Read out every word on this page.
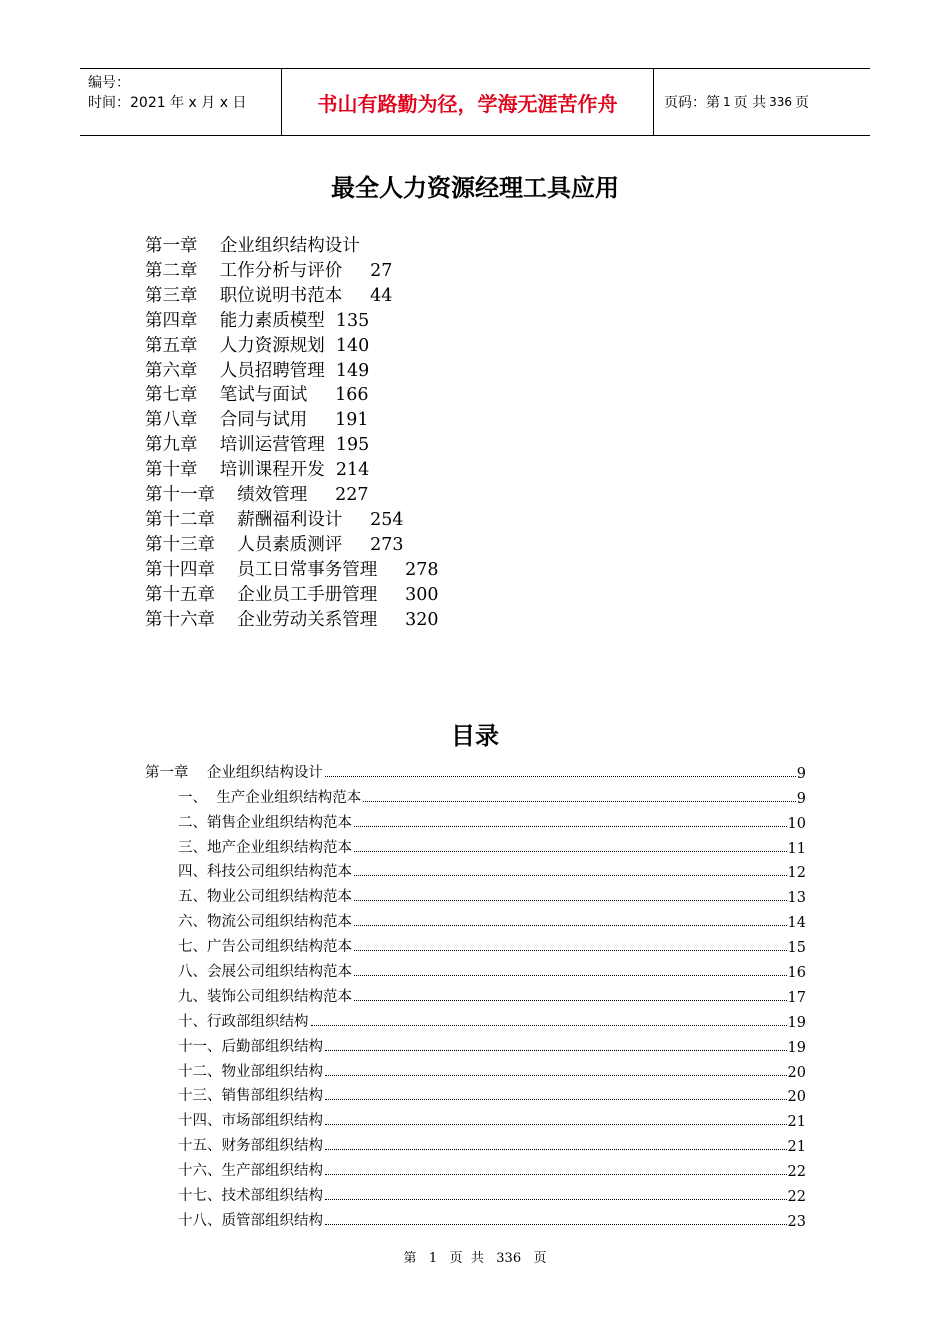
编号：
时间：2021 年 x 月 x 日	书山有路勤为径，学海无涯苦作舟	页码：第 1 页 共 336 页
最全人力资源经理工具应用
第一章    企业组织结构设计
第二章    工作分析与评价     27
第三章    职位说明书范本     44
第四章    能力素质模型  135
第五章    人力资源规划  140
第六章    人员招聘管理  149
第七章    笔试与面试     166
第八章    合同与试用     191
第九章    培训运营管理  195
第十章    培训课程开发  214
第十一章    绩效管理     227
第十二章    薪酬福利设计     254
第十三章    人员素质测评     273
第十四章    员工日常事务管理     278
第十五章    企业员工手册管理     300
第十六章    企业劳动关系管理     320
目录
第一章    企业组织结构设计	9
一、  生产企业组织结构范本	9
二、销售企业组织结构范本	10
三、地产企业组织结构范本	11
四、科技公司组织结构范本	12
五、物业公司组织结构范本	13
六、物流公司组织结构范本	14
七、广告公司组织结构范本	15
八、会展公司组织结构范本	16
九、装饰公司组织结构范本	17
十、行政部组织结构	19
十一、后勤部组织结构	19
十二、物业部组织结构	20
十三、销售部组织结构	20
十四、市场部组织结构	21
十五、财务部组织结构	21
十六、生产部组织结构	22
十七、技术部组织结构	22
十八、质管部组织结构	23
第 1 页  共 336 页
